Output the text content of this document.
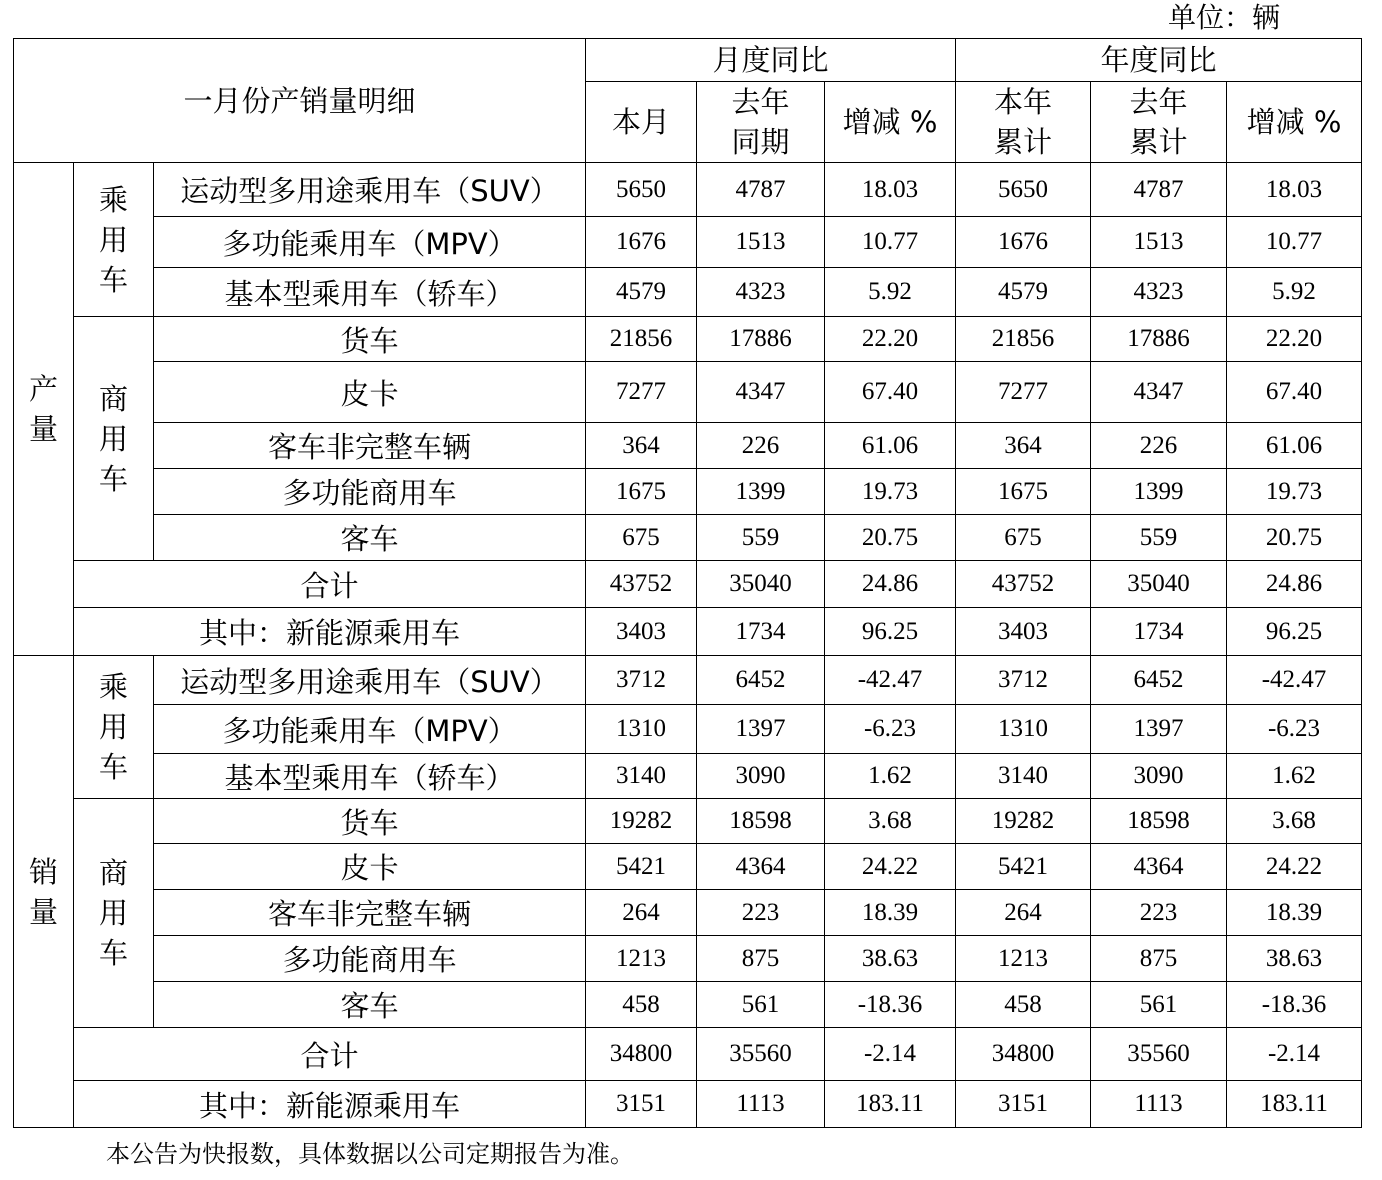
单位：辆
一月份产销量明细			月度同比			年度同比		
			本月	去年同期	增减 %	本年累计	去年累计	增减 %
产量	乘用车	运动型多用途乘用车（SUV）	5650	4787	18.03	5650	4787	18.03
		多功能乘用车（MPV）	1676	1513	10.77	1676	1513	10.77
		基本型乘用车（轿车）	4579	4323	5.92	4579	4323	5.92
	商用车	货车	21856	17886	22.20	21856	17886	22.20
		皮卡	7277	4347	67.40	7277	4347	67.40
		客车非完整车辆	364	226	61.06	364	226	61.06
		多功能商用车	1675	1399	19.73	1675	1399	19.73
		客车	675	559	20.75	675	559	20.75
	合计		43752	35040	24.86	43752	35040	24.86
	其中：新能源乘用车		3403	1734	96.25	3403	1734	96.25
销量	乘用车	运动型多用途乘用车（SUV）	3712	6452	-42.47	3712	6452	-42.47
		多功能乘用车（MPV）	1310	1397	-6.23	1310	1397	-6.23
		基本型乘用车（轿车）	3140	3090	1.62	3140	3090	1.62
	商用车	货车	19282	18598	3.68	19282	18598	3.68
		皮卡	5421	4364	24.22	5421	4364	24.22
		客车非完整车辆	264	223	18.39	264	223	18.39
		多功能商用车	1213	875	38.63	1213	875	38.63
		客车	458	561	-18.36	458	561	-18.36
	合计		34800	35560	-2.14	34800	35560	-2.14
	其中：新能源乘用车		3151	1113	183.11	3151	1113	183.11
本公告为快报数，具体数据以公司定期报告为准。
